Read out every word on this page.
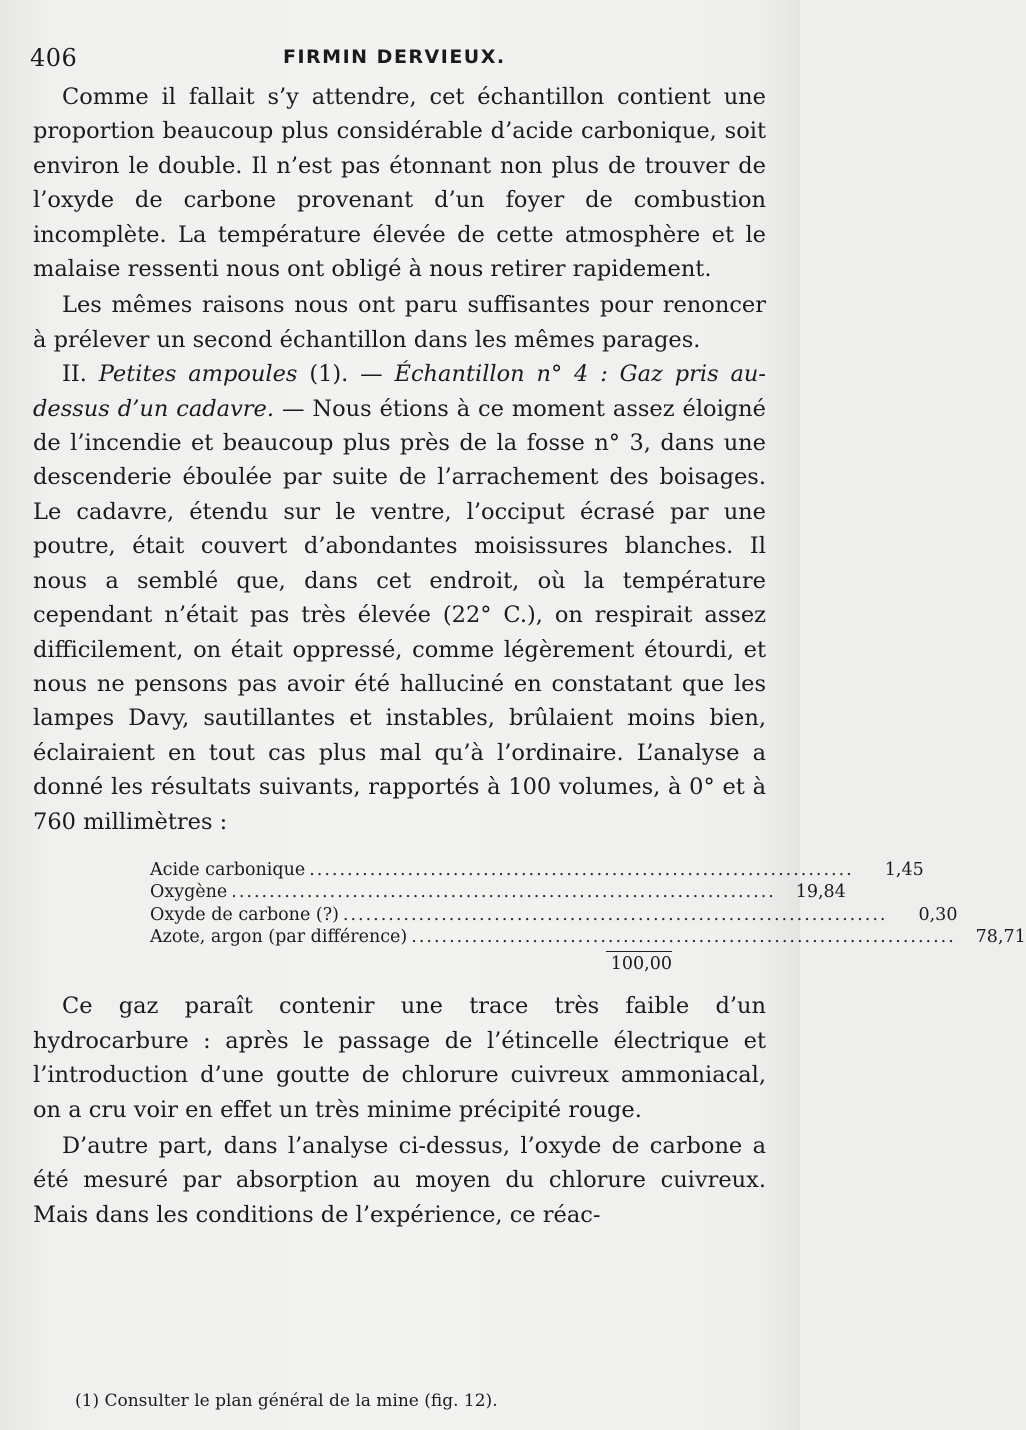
406	FIRMIN DERVIEUX.

Comme il fallait s’y attendre, cet échantillon contient une proportion beaucoup plus considérable d’acide carbonique, soit environ le double. Il n’est pas étonnant non plus de trouver de l’oxyde de carbone provenant d’un foyer de combustion incomplète. La température élevée de cette atmosphère et le malaise ressenti nous ont obligé à nous retirer rapidement.

Les mêmes raisons nous ont paru suffisantes pour renoncer à prélever un second échantillon dans les mêmes parages.

II. Petites ampoules (1). — Échantillon n° 4 : Gaz pris au-dessus d’un cadavre. — Nous étions à ce moment assez éloigné de l’incendie et beaucoup plus près de la fosse n° 3, dans une descenderie éboulée par suite de l’arrachement des boisages. Le cadavre, étendu sur le ventre, l’occiput écrasé par une poutre, était couvert d’abondantes moisissures blanches. Il nous a semblé que, dans cet endroit, où la température cependant n’était pas très élevée (22° C.), on respirait assez difficilement, on était oppressé, comme légèrement étourdi, et nous ne pensons pas avoir été halluciné en constatant que les lampes Davy, sautillantes et instables, brûlaient moins bien, éclairaient en tout cas plus mal qu’à l’ordinaire. L’analyse a donné les résultats suivants, rapportés à 100 volumes, à 0° et à 760 millimètres :

Acide carbonique ........................................................................	1,45
Oxygène ........................................................................	19,84
Oxyde de carbone (?) ........................................................................	0,30
Azote, argon (par différence) ........................................................................	78,71
100,00

Ce gaz paraît contenir une trace très faible d’un hydrocarbure : après le passage de l’étincelle électrique et l’introduction d’une goutte de chlorure cuivreux ammoniacal, on a cru voir en effet un très minime précipité rouge.

D’autre part, dans l’analyse ci-dessus, l’oxyde de carbone a été mesuré par absorption au moyen du chlorure cuivreux. Mais dans les conditions de l’expérience, ce réac-

(1) Consulter le plan général de la mine (fig. 12).
